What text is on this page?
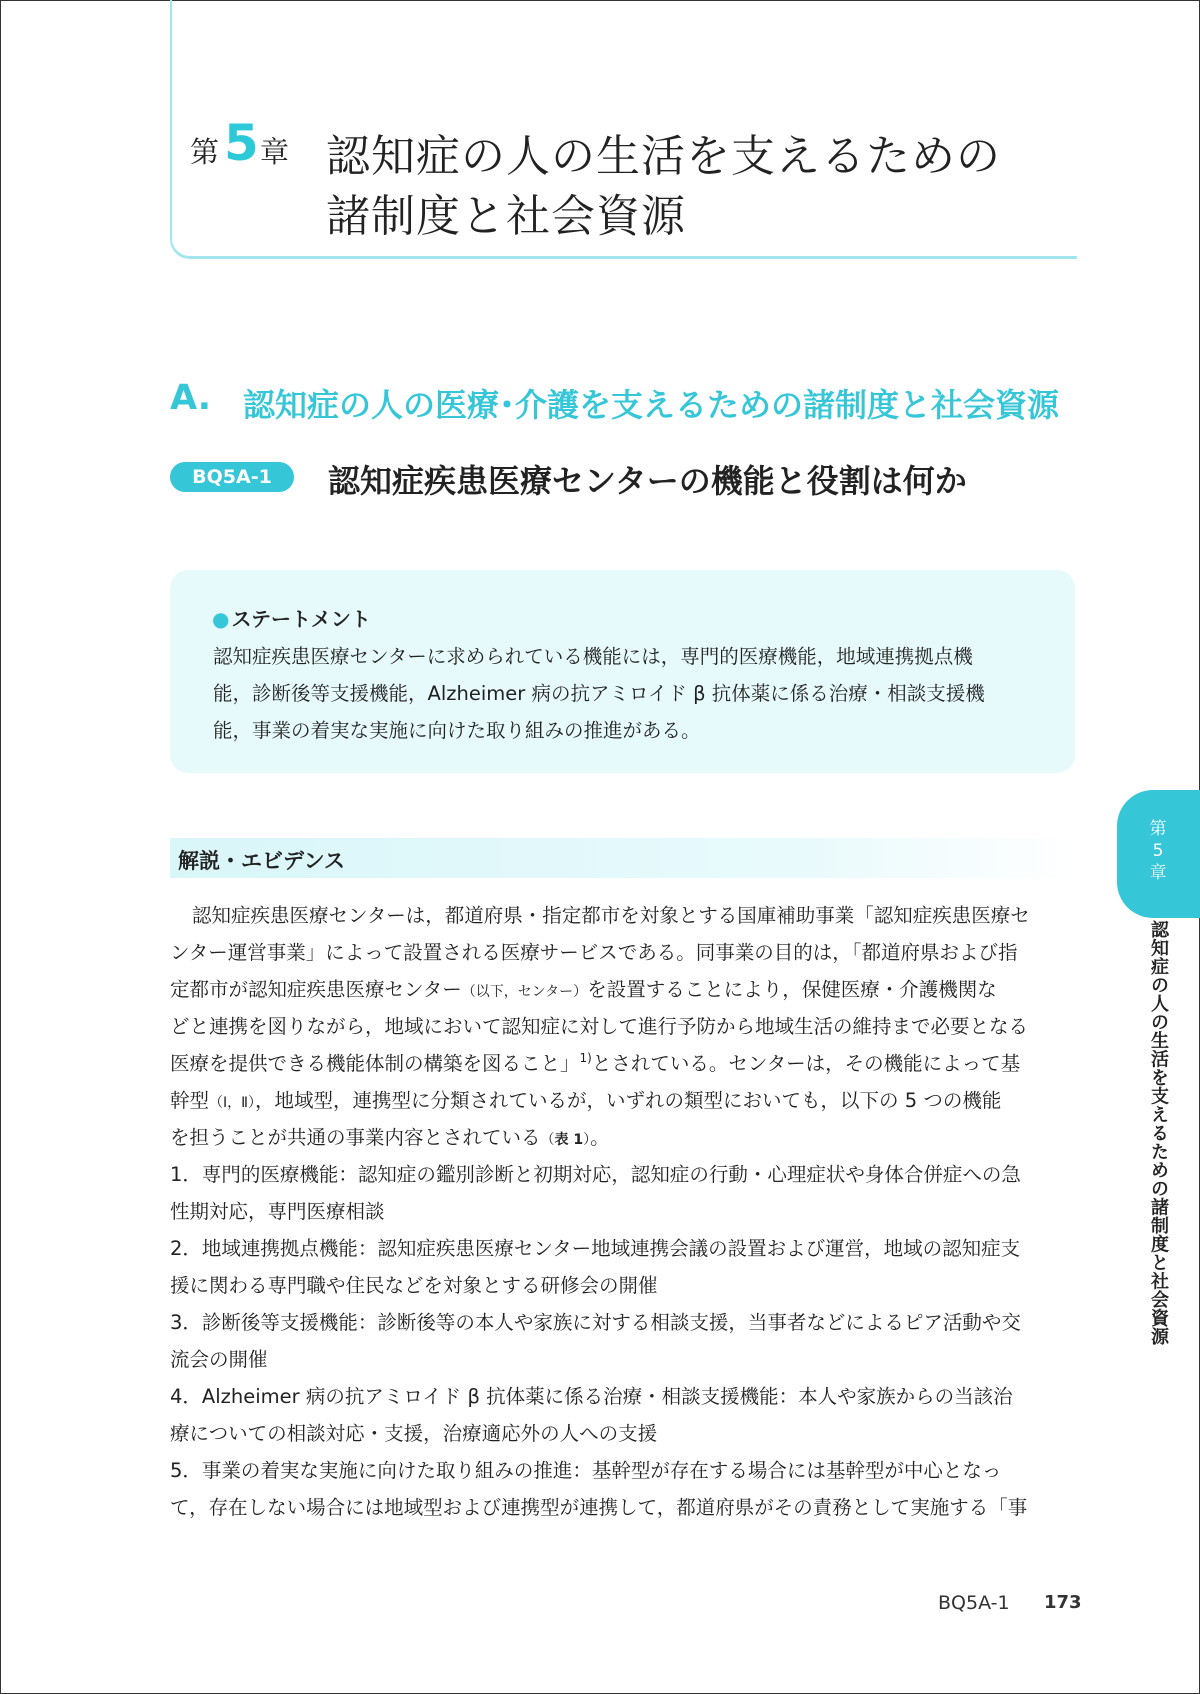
第 5 章 認知症の人の生活を支えるための
諸制度と社会資源
A. 認知症の人の医療･介護を支えるための諸制度と社会資源
BQ5A-1	認知症疾患医療センターの機能と役割は何か
● ステートメント
認知症疾患医療センターに求められている機能には，専門的医療機能，地域連携拠点機
能，診断後等支援機能，Alzheimer 病の抗アミロイド β 抗体薬に係る治療・相談支援機
能，事業の着実な実施に向けた取り組みの推進がある。
解説・エビデンス
認知症疾患医療センターは，都道府県・指定都市を対象とする国庫補助事業「認知症疾患医療セ
ンター運営事業」によって設置される医療サービスである。同事業の目的は，「都道府県および指
定都市が認知症疾患医療センター（以下，センター）を設置することにより，保健医療・介護機関な
どと連携を図りながら，地域において認知症に対して進行予防から地域生活の維持まで必要となる
医療を提供できる機能体制の構築を図ること」$^{1)}$とされている。センターは，その機能によって基
幹型（Ⅰ，Ⅱ），地域型，連携型に分類されているが，いずれの類型においても，以下の 5 つの機能
を担うことが共通の事業内容とされている（表 1）。
1．専門的医療機能：認知症の鑑別診断と初期対応，認知症の行動・心理症状や身体合併症への急
性期対応，専門医療相談
2．地域連携拠点機能：認知症疾患医療センター地域連携会議の設置および運営，地域の認知症支
援に関わる専門職や住民などを対象とする研修会の開催
3．診断後等支援機能：診断後等の本人や家族に対する相談支援，当事者などによるピア活動や交
流会の開催
4．Alzheimer 病の抗アミロイド β 抗体薬に係る治療・相談支援機能：本人や家族からの当該治
療についての相談対応・支援，治療適応外の人への支援
5．事業の着実な実施に向けた取り組みの推進：基幹型が存在する場合には基幹型が中心となっ
て，存在しない場合には地域型および連携型が連携して，都道府県がその責務として実施する「事
第
5
章
認知症の人の生活を支えるための諸制度と社会資源
BQ5A-1 173
